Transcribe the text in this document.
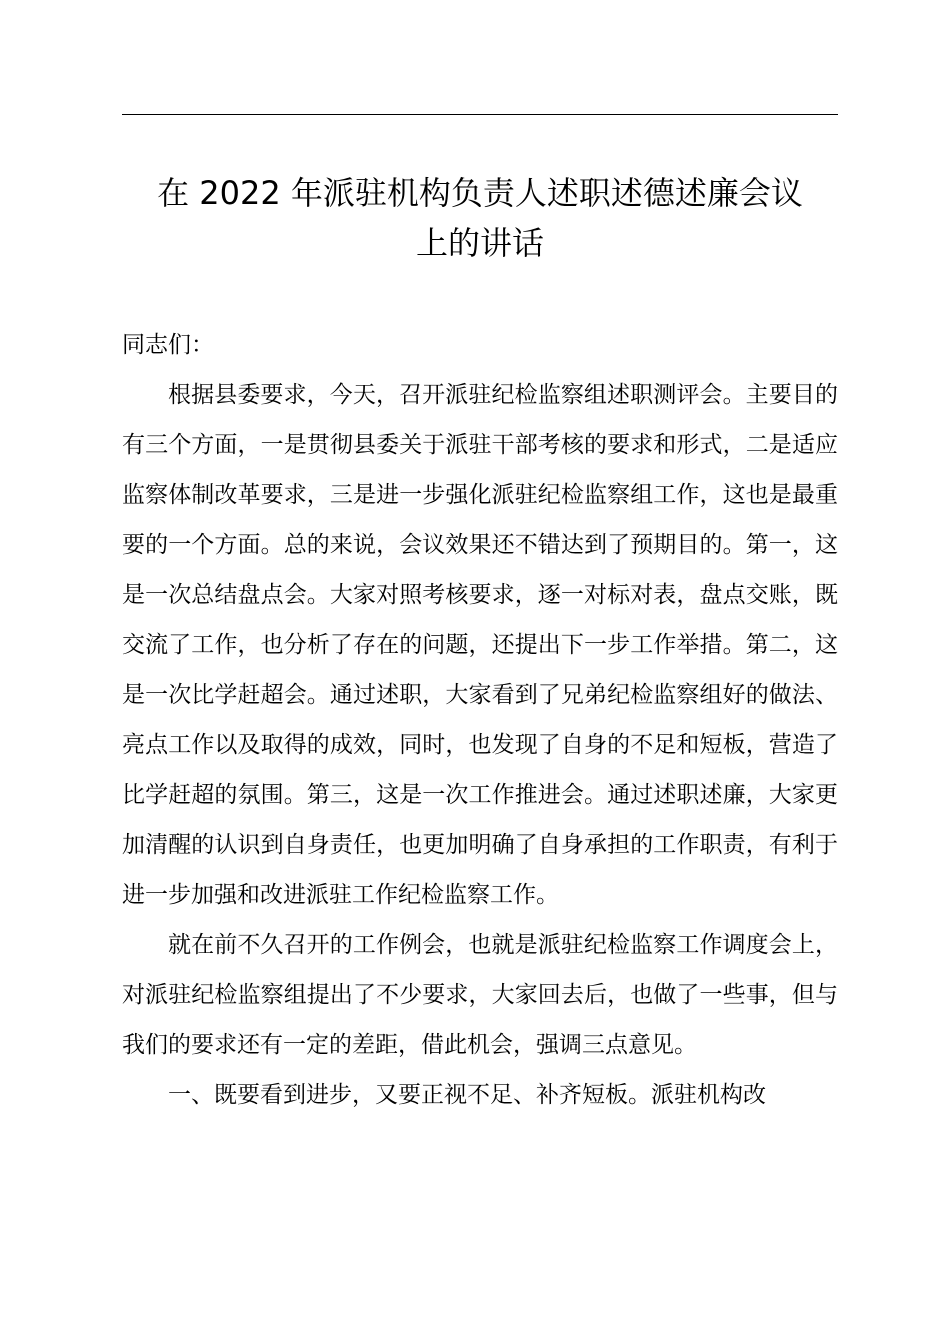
在 2022 年派驻机构负责人述职述德述廉会议
上的讲话

同志们：

根据县委要求，今天，召开派驻纪检监察组述职测评会。主要目的有三个方面，一是贯彻县委关于派驻干部考核的要求和形式，二是适应监察体制改革要求，三是进一步强化派驻纪检监察组工作，这也是最重要的一个方面。总的来说，会议效果还不错达到了预期目的。第一，这是一次总结盘点会。大家对照考核要求，逐一对标对表，盘点交账，既交流了工作，也分析了存在的问题，还提出下一步工作举措。第二，这是一次比学赶超会。通过述职，大家看到了兄弟纪检监察组好的做法、亮点工作以及取得的成效，同时，也发现了自身的不足和短板，营造了比学赶超的氛围。第三，这是一次工作推进会。通过述职述廉，大家更加清醒的认识到自身责任，也更加明确了自身承担的工作职责，有利于进一步加强和改进派驻工作纪检监察工作。

就在前不久召开的工作例会，也就是派驻纪检监察工作调度会上，对派驻纪检监察组提出了不少要求，大家回去后，也做了一些事，但与我们的要求还有一定的差距，借此机会，强调三点意见。

一、既要看到进步，又要正视不足、补齐短板。派驻机构改
